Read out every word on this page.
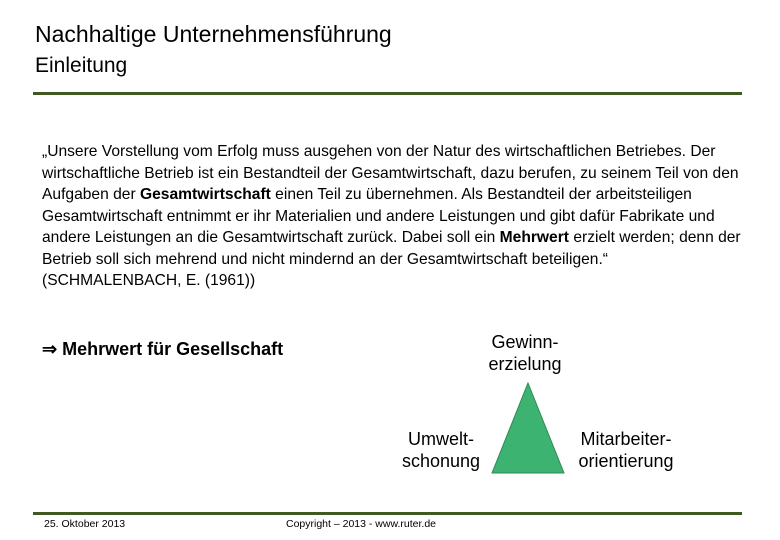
Nachhaltige Unternehmensführung
Einleitung
„Unsere Vorstellung vom Erfolg muss ausgehen von der Natur des wirtschaftlichen Betriebes. Der wirtschaftliche Betrieb ist ein Bestandteil der Gesamtwirtschaft, dazu berufen, zu seinem Teil von den Aufgaben der Gesamtwirtschaft einen Teil zu übernehmen. Als Bestandteil der arbeitsteiligen Gesamtwirtschaft entnimmt er ihr Materialien und andere Leistungen und gibt dafür Fabrikate und andere Leistungen an die Gesamtwirtschaft zurück. Dabei soll ein Mehrwert erzielt werden; denn der Betrieb soll sich mehrend und nicht mindernd an der Gesamtwirtschaft beteiligen.“ (SCHMALENBACH, E. (1961))
⇒ Mehrwert für Gesellschaft	Gewinn-
erzielung
Umwelt-
schonung
Mitarbeiter-
orientierung
25. Oktober 2013	Copyright – 2013 - www.ruter.de
